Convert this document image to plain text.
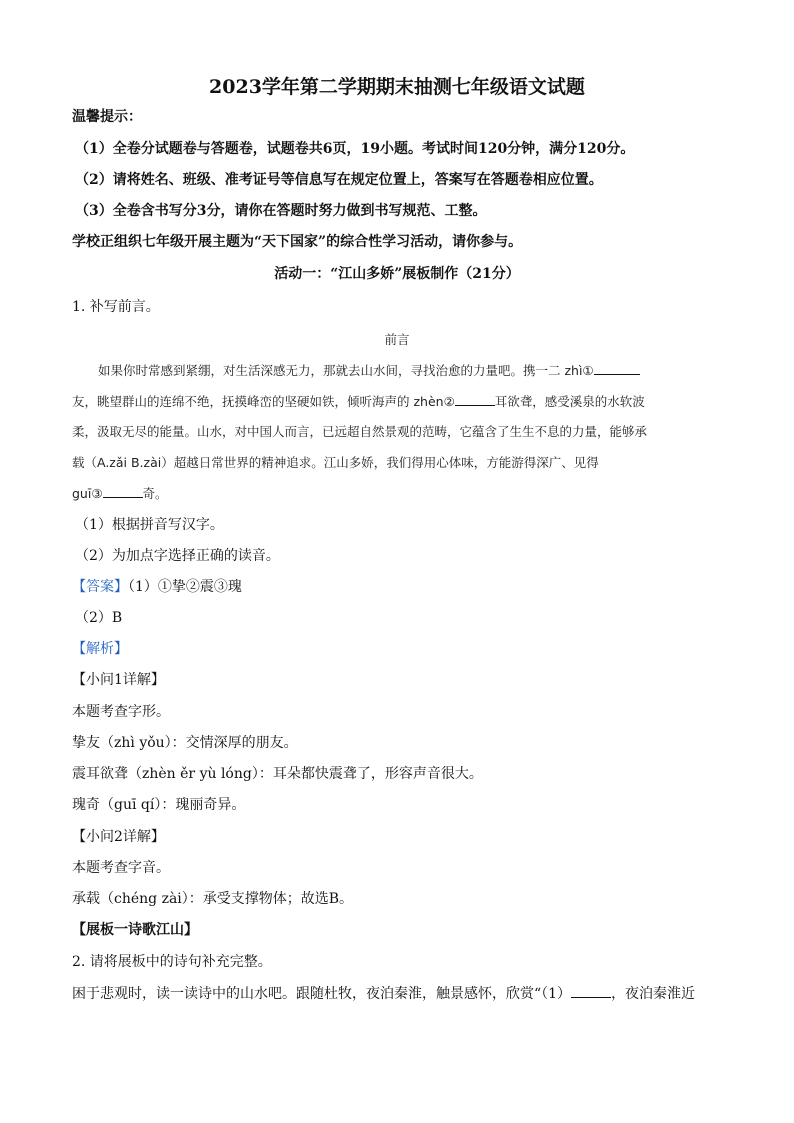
2023学年第二学期期末抽测七年级语文试题
温馨提示：
（1）全卷分试题卷与答题卷，试题卷共6页，19小题。考试时间120分钟，满分120分。
（2）请将姓名、班级、准考证号等信息写在规定位置上，答案写在答题卷相应位置。
（3）全卷含书写分3分，请你在答题时努力做到书写规范、工整。
学校正组织七年级开展主题为“天下国家”的综合性学习活动，请你参与。
活动一：“江山多娇”展板制作（21分）
1. 补写前言。
前言
如果你时常感到紧绷，对生活深感无力，那就去山水间，寻找治愈的力量吧。携一二 zhì①
友，眺望群山的连绵不绝，抚摸峰峦的坚硬如铁，倾听海声的 zhèn②	耳欲聋，感受溪泉的水软波
柔，汲取无尽的能量。山水，对中国人而言，已远超自然景观的范畴，它蕴含了生生不息的力量，能够承
载（A.zǎi B.zài）超越日常世界的精神追求。江山多娇，我们得用心体味，方能游得深广、见得
guī③	奇。
（1）根据拼音写汉字。
（2）为加点字选择正确的读音。
【答案】（1）①挚②震③瑰
（2）B
【解析】
【小问1详解】
本题考查字形。
挚友（zhì yǒu）：交情深厚的朋友。
震耳欲聋（zhèn ěr yù lóng）：耳朵都快震聋了，形容声音很大。
瑰奇（guī qí）：瑰丽奇异。
【小问2详解】
本题考查字音。
承载（chéng zài）：承受支撑物体；故选B。
【展板一诗歌江山】
2. 请将展板中的诗句补充完整。
困于悲观时，读一读诗中的山水吧。跟随杜牧，夜泊秦淮，触景感怀，欣赏“（1）	，夜泊秦淮近
